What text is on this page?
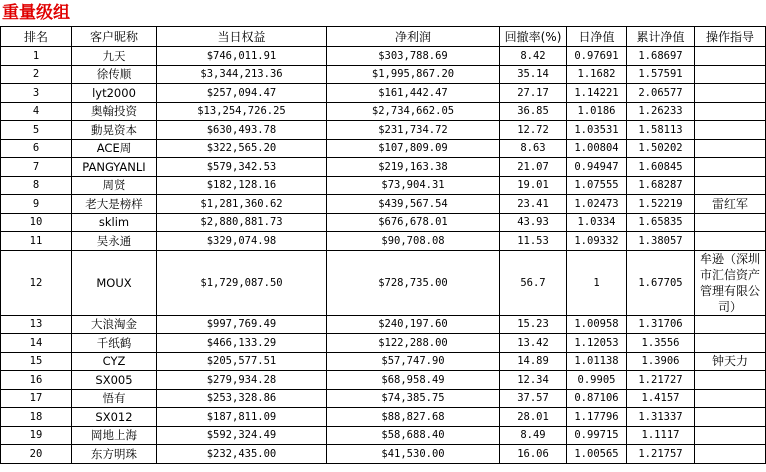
重量级组
排名	客户昵称	当日权益	净利润	回撤率(%)	日净值	累计净值	操作指导
1	九天	$746,011.91	$303,788.69	8.42	0.97691	1.68697	
2	徐传顺	$3,344,213.36	$1,995,867.20	35.14	1.1682	1.57591	
3	lyt2000	$257,094.47	$161,442.47	27.17	1.14221	2.06577	
4	奥翰投资	$13,254,726.25	$2,734,662.05	36.85	1.0186	1.26233	
5	動晃资本	$630,493.78	$231,734.72	12.72	1.03531	1.58113	
6	ACE周	$322,565.20	$107,809.09	8.63	1.00804	1.50202	
7	PANGYANLI	$579,342.53	$219,163.38	21.07	0.94947	1.60845	
8	周贤	$182,128.16	$73,904.31	19.01	1.07555	1.68287	
9	老大是榜样	$1,281,360.62	$439,567.54	23.41	1.02473	1.52219	雷红军
10	sklim	$2,880,881.73	$676,678.01	43.93	1.0334	1.65835	
11	吴永通	$329,074.98	$90,708.08	11.53	1.09332	1.38057	
12	MOUX	$1,729,087.50	$728,735.00	56.7	1	1.67705	牟逊（深圳市汇信资产管理有限公司）
13	大浪淘金	$997,769.49	$240,197.60	15.23	1.00958	1.31706	
14	千纸鹤	$466,133.29	$122,288.00	13.42	1.12053	1.3556	
15	CYZ	$205,577.51	$57,747.90	14.89	1.01138	1.3906	钟天力
16	SX005	$279,934.28	$68,958.49	12.34	0.9905	1.21727	
17	悟有	$253,328.86	$74,385.75	37.57	0.87106	1.4157	
18	SX012	$187,811.09	$88,827.68	28.01	1.17796	1.31337	
19	岡地上海	$592,324.49	$58,688.40	8.49	0.99715	1.1117	
20	东方明珠	$232,435.00	$41,530.00	16.06	1.00565	1.21757	
